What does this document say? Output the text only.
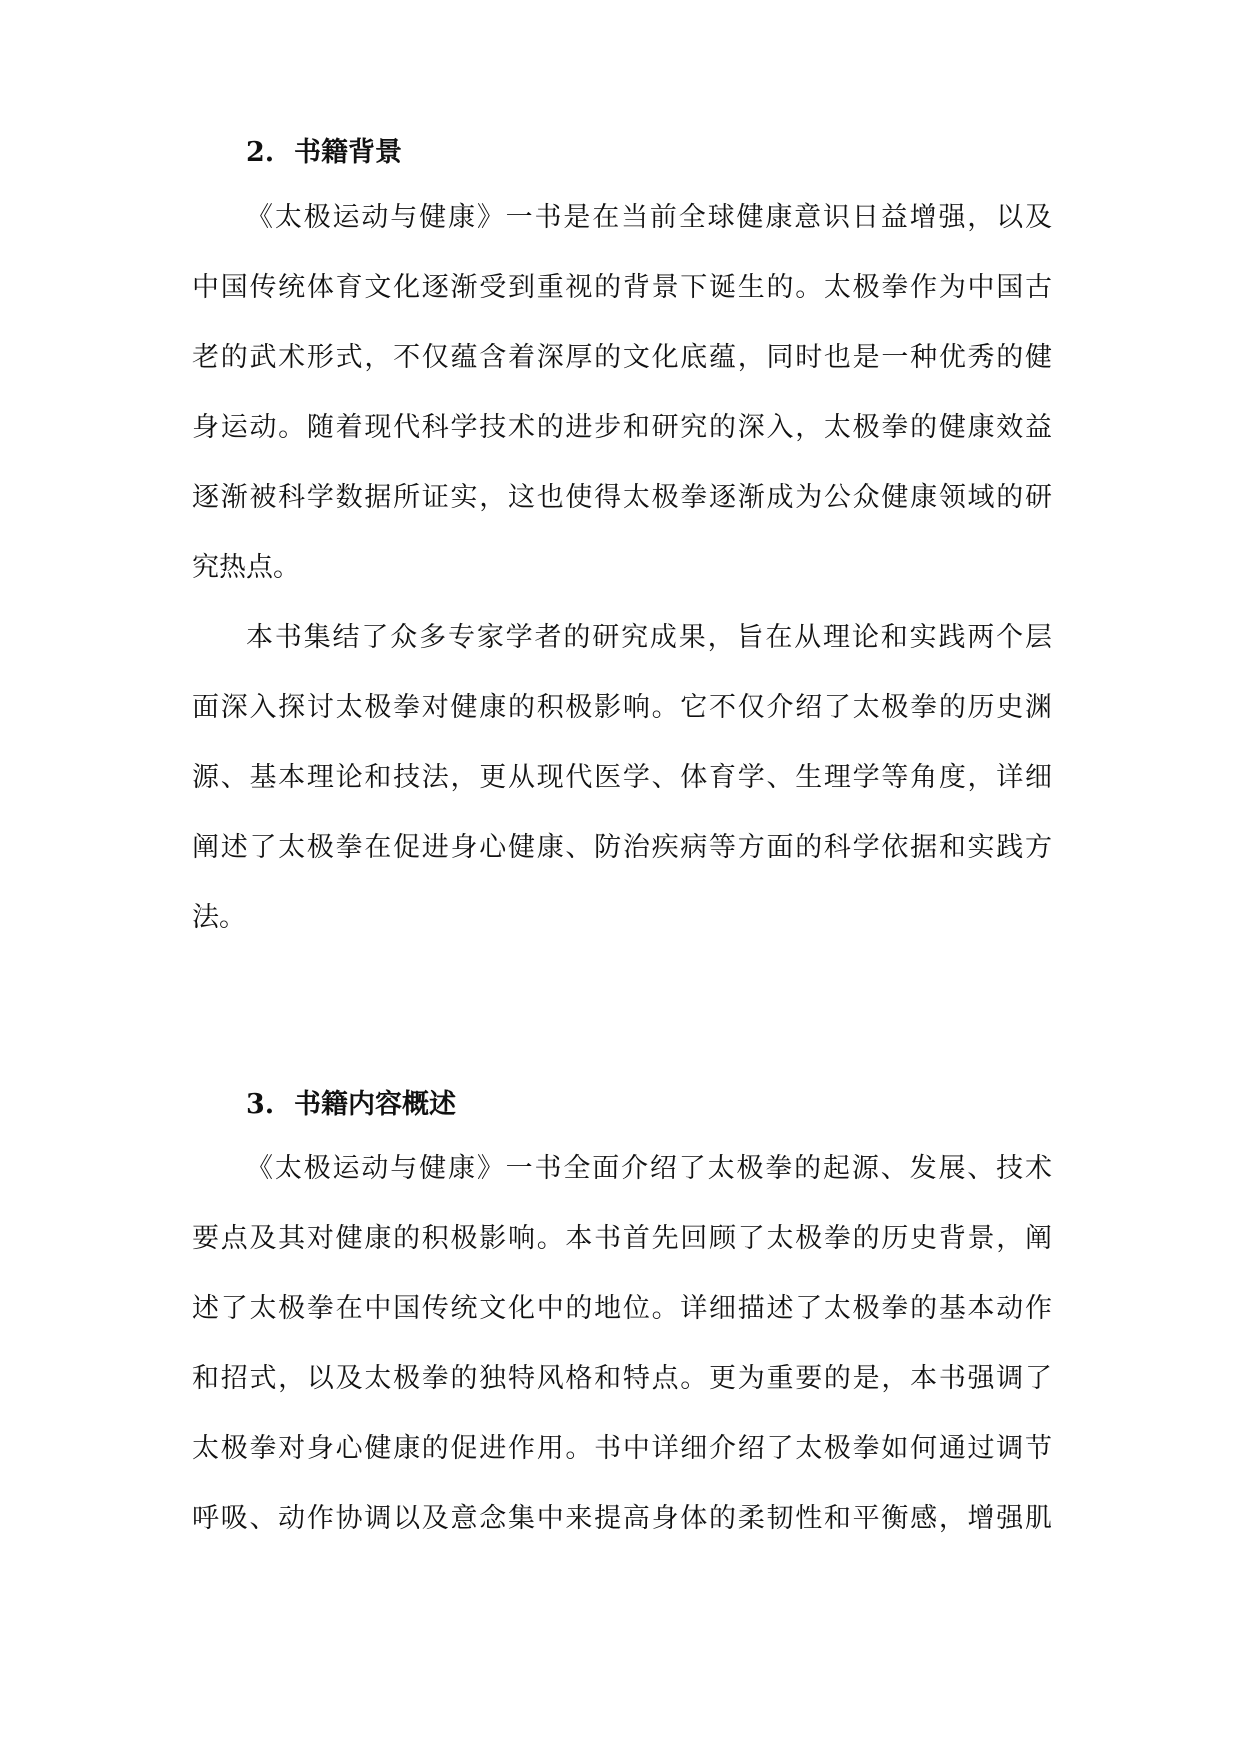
2. 书籍背景

《太极运动与健康》一书是在当前全球健康意识日益增强，以及
中国传统体育文化逐渐受到重视的背景下诞生的。太极拳作为中国古
老的武术形式，不仅蕴含着深厚的文化底蕴，同时也是一种优秀的健
身运动。随着现代科学技术的进步和研究的深入，太极拳的健康效益
逐渐被科学数据所证实，这也使得太极拳逐渐成为公众健康领域的研
究热点。

本书集结了众多专家学者的研究成果，旨在从理论和实践两个层
面深入探讨太极拳对健康的积极影响。它不仅介绍了太极拳的历史渊
源、基本理论和技法，更从现代医学、体育学、生理学等角度，详细
阐述了太极拳在促进身心健康、防治疾病等方面的科学依据和实践方
法。

3. 书籍内容概述

《太极运动与健康》一书全面介绍了太极拳的起源、发展、技术
要点及其对健康的积极影响。本书首先回顾了太极拳的历史背景，阐
述了太极拳在中国传统文化中的地位。详细描述了太极拳的基本动作
和招式，以及太极拳的独特风格和特点。更为重要的是，本书强调了
太极拳对身心健康的促进作用。书中详细介绍了太极拳如何通过调节
呼吸、动作协调以及意念集中来提高身体的柔韧性和平衡感，增强肌
